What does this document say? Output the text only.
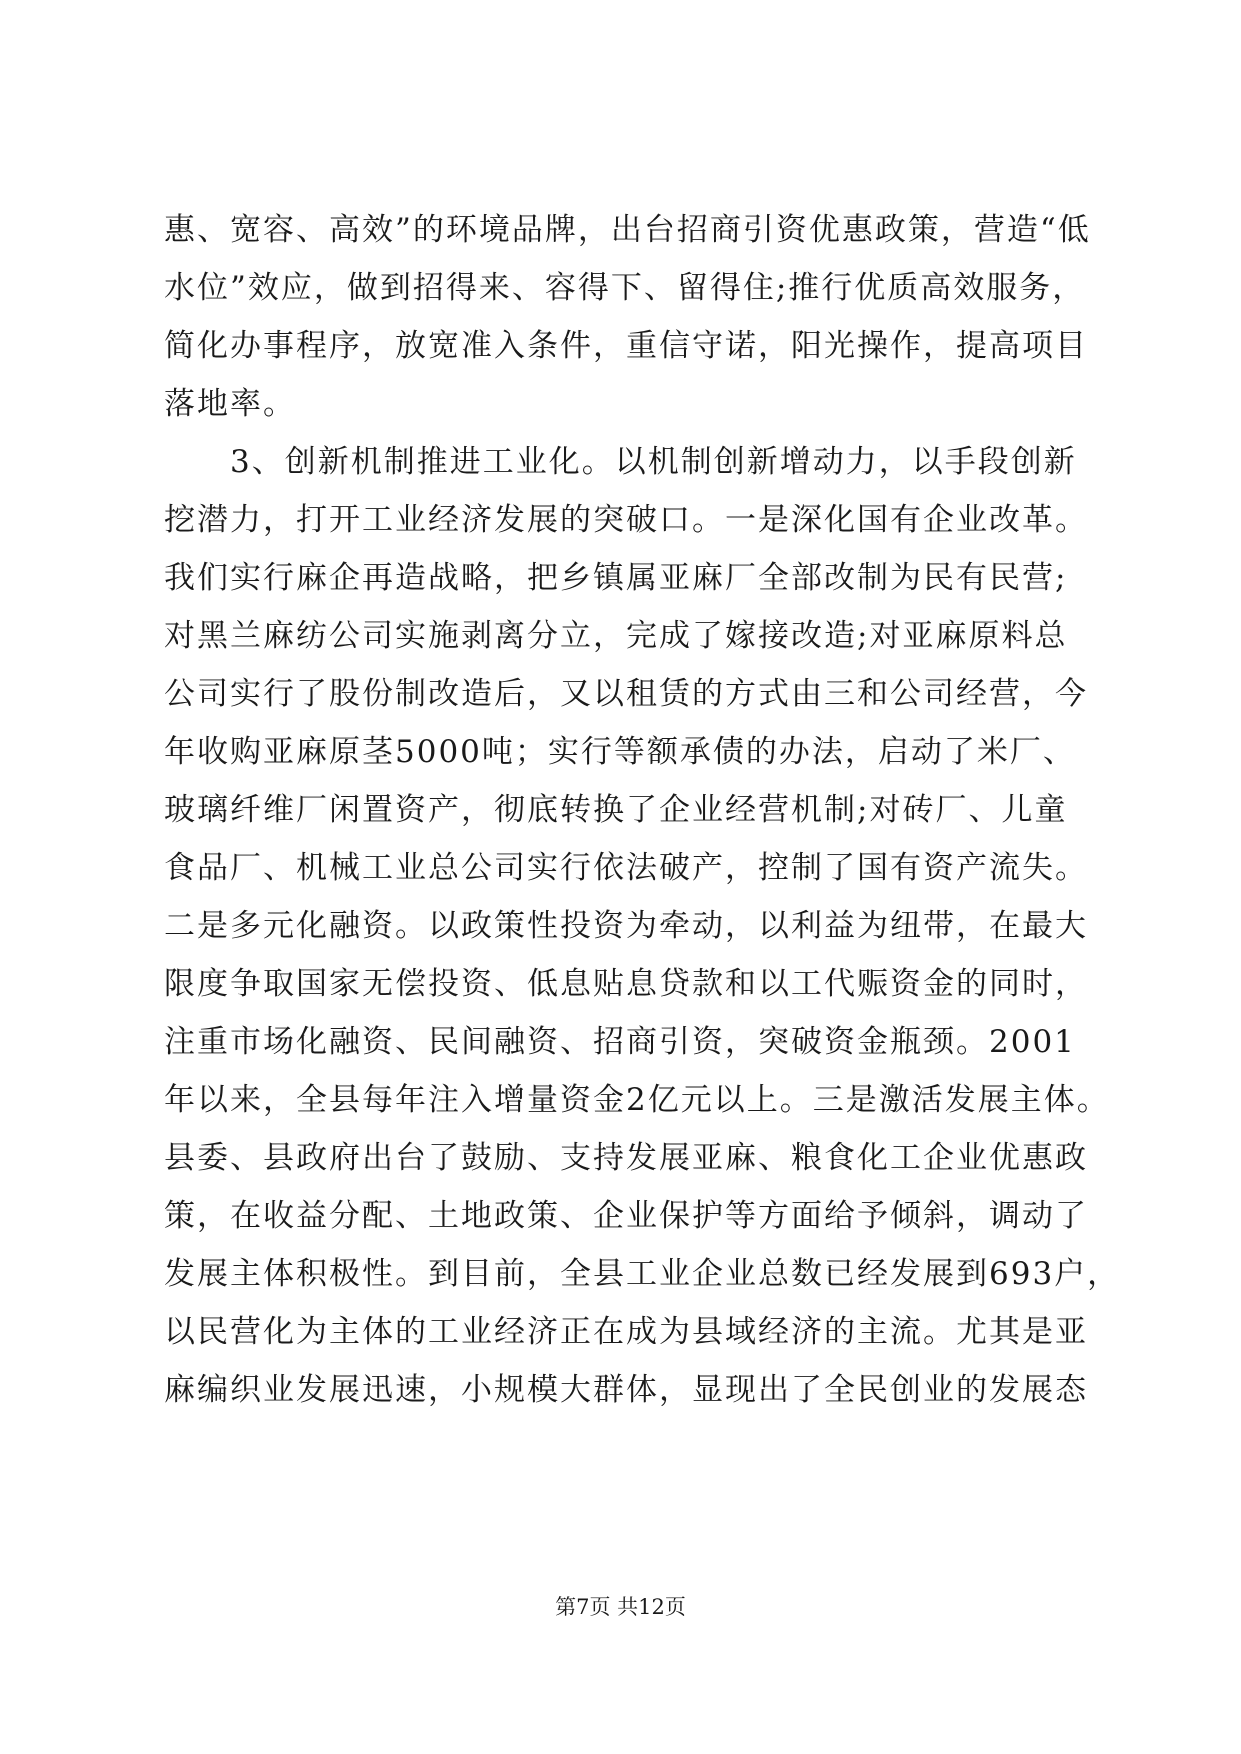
惠、宽容、高效”的环境品牌，出台招商引资优惠政策，营造“低
水位”效应，做到招得来、容得下、留得住;推行优质高效服务，
简化办事程序，放宽准入条件，重信守诺，阳光操作，提高项目
落地率。
3、创新机制推进工业化。以机制创新增动力，以手段创新
挖潜力，打开工业经济发展的突破口。一是深化国有企业改革。
我们实行麻企再造战略，把乡镇属亚麻厂全部改制为民有民营;
对黑兰麻纺公司实施剥离分立，完成了嫁接改造;对亚麻原料总
公司实行了股份制改造后，又以租赁的方式由三和公司经营，今
年收购亚麻原茎5000吨；实行等额承债的办法，启动了米厂、
玻璃纤维厂闲置资产，彻底转换了企业经营机制;对砖厂、儿童
食品厂、机械工业总公司实行依法破产，控制了国有资产流失。
二是多元化融资。以政策性投资为牵动，以利益为纽带，在最大
限度争取国家无偿投资、低息贴息贷款和以工代赈资金的同时，
注重市场化融资、民间融资、招商引资，突破资金瓶颈。2001
年以来，全县每年注入增量资金2亿元以上。三是激活发展主体。
县委、县政府出台了鼓励、支持发展亚麻、粮食化工企业优惠政
策，在收益分配、土地政策、企业保护等方面给予倾斜，调动了
发展主体积极性。到目前，全县工业企业总数已经发展到693户，
以民营化为主体的工业经济正在成为县域经济的主流。尤其是亚
麻编织业发展迅速，小规模大群体，显现出了全民创业的发展态
第7页 共12页
